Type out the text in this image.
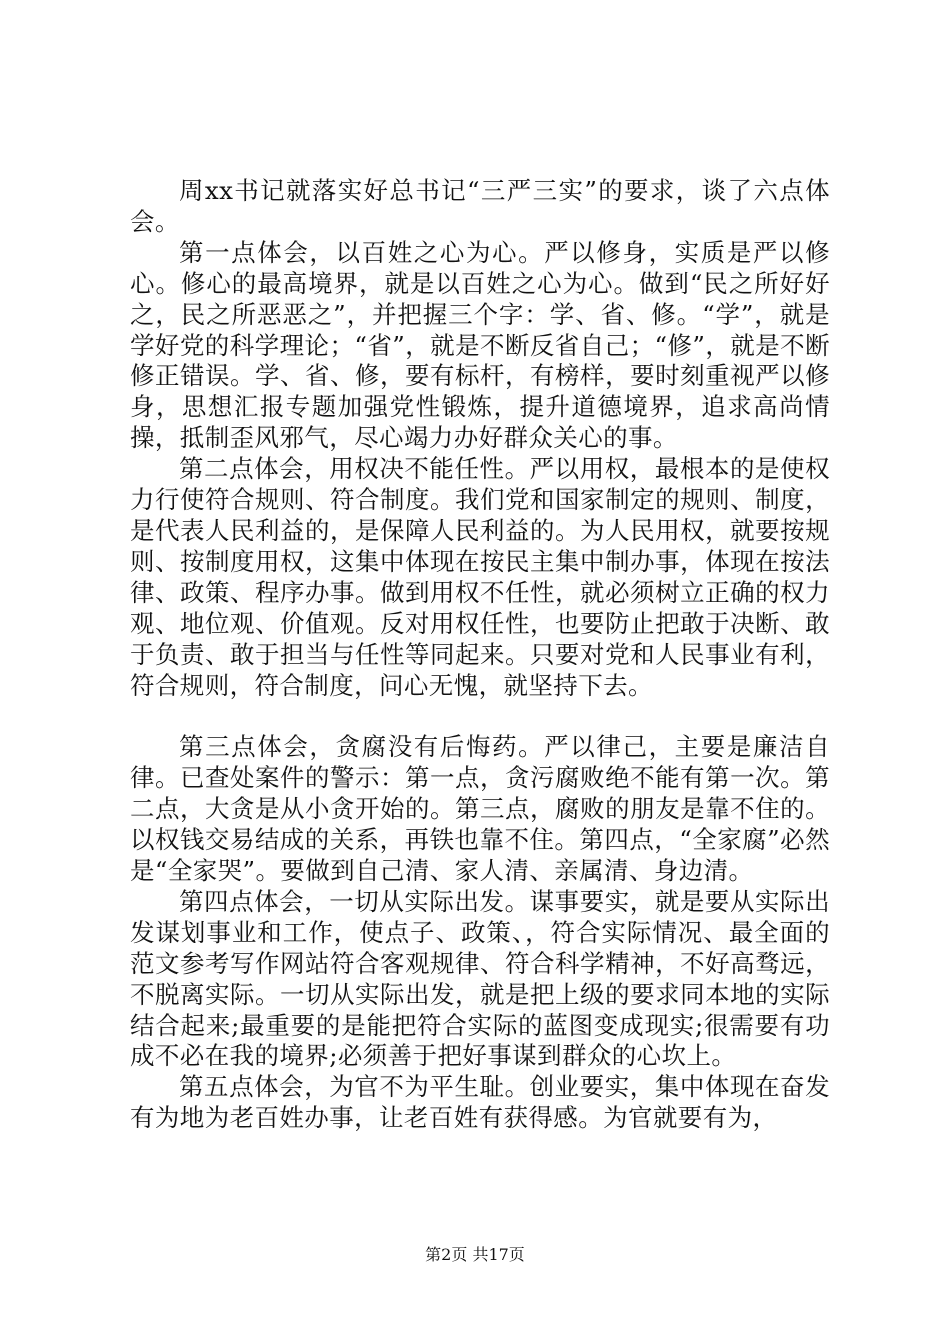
周xx书记就落实好总书记“三严三实”的要求，谈了六点体会。

第一点体会，以百姓之心为心。严以修身，实质是严以修心。修心的最高境界，就是以百姓之心为心。做到“民之所好好之，民之所恶恶之”，并把握三个字：学、省、修。“学”，就是学好党的科学理论；“省”，就是不断反省自己；“修”，就是不断修正错误。学、省、修，要有标杆，有榜样，要时刻重视严以修身，思想汇报专题加强党性锻炼，提升道德境界，追求高尚情操，抵制歪风邪气，尽心竭力办好群众关心的事。

第二点体会，用权决不能任性。严以用权，最根本的是使权力行使符合规则、符合制度。我们党和国家制定的规则、制度，是代表人民利益的，是保障人民利益的。为人民用权，就要按规则、按制度用权，这集中体现在按民主集中制办事，体现在按法律、政策、程序办事。做到用权不任性，就必须树立正确的权力观、地位观、价值观。反对用权任性，也要防止把敢于决断、敢于负责、敢于担当与任性等同起来。只要对党和人民事业有利，符合规则，符合制度，问心无愧，就坚持下去。

第三点体会，贪腐没有后悔药。严以律己，主要是廉洁自律。已查处案件的警示：第一点，贪污腐败绝不能有第一次。第二点，大贪是从小贪开始的。第三点，腐败的朋友是靠不住的。以权钱交易结成的关系，再铁也靠不住。第四点，“全家腐”必然是“全家哭”。要做到自己清、家人清、亲属清、身边清。

第四点体会，一切从实际出发。谋事要实，就是要从实际出发谋划事业和工作，使点子、政策、，符合实际情况、最全面的范文参考写作网站符合客观规律、符合科学精神，不好高骛远，不脱离实际。一切从实际出发，就是把上级的要求同本地的实际结合起来;最重要的是能把符合实际的蓝图变成现实;很需要有功成不必在我的境界;必须善于把好事谋到群众的心坎上。

第五点体会，为官不为平生耻。创业要实，集中体现在奋发有为地为老百姓办事，让老百姓有获得感。为官就要有为，

第2页 共17页
